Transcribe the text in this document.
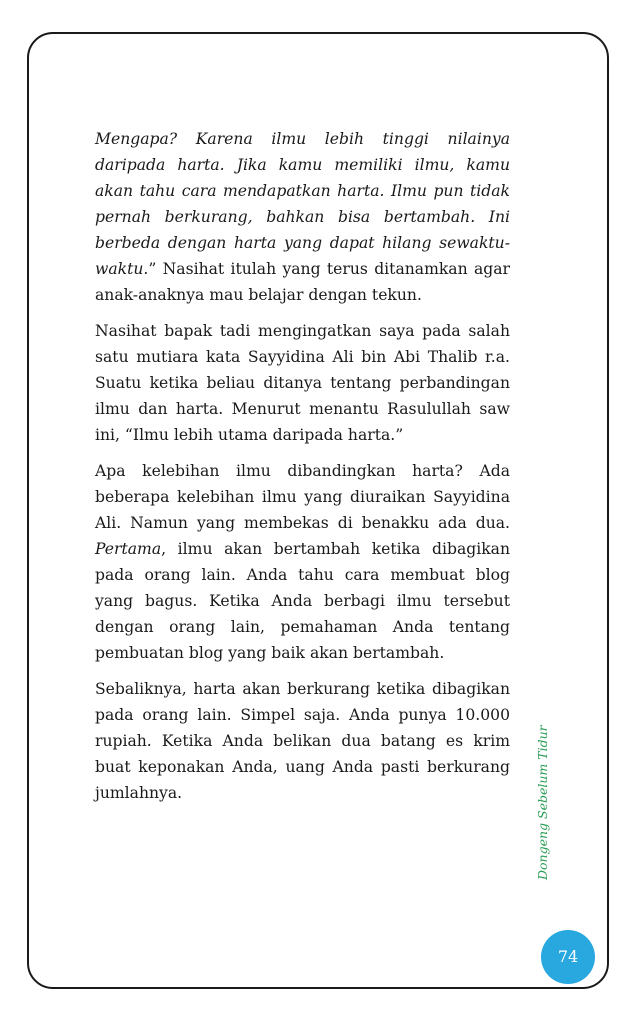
Mengapa? Karena ilmu lebih tinggi nilainya daripada harta. Jika kamu memiliki ilmu, kamu akan tahu cara mendapatkan harta. Ilmu pun tidak pernah berkurang, bahkan bisa bertambah. Ini berbeda dengan harta yang dapat hilang sewaktu-waktu.” Nasihat itulah yang terus ditanamkan agar anak-anaknya mau belajar dengan tekun.

Nasihat bapak tadi mengingatkan saya pada salah satu mutiara kata Sayyidina Ali bin Abi Thalib r.a. Suatu ketika beliau ditanya tentang perbandingan ilmu dan harta. Menurut menantu Rasulullah saw ini, “Ilmu lebih utama daripada harta.”

Apa kelebihan ilmu dibandingkan harta? Ada beberapa kelebihan ilmu yang diuraikan Sayyidina Ali. Namun yang membekas di benakku ada dua. Pertama, ilmu akan bertambah ketika dibagikan pada orang lain. Anda tahu cara membuat blog yang bagus. Ketika Anda berbagi ilmu tersebut dengan orang lain, pemahaman Anda tentang pembuatan blog yang baik akan bertambah.

Sebaliknya, harta akan berkurang ketika dibagikan pada orang lain. Simpel saja. Anda punya 10.000 rupiah. Ketika Anda belikan dua batang es krim buat keponakan Anda, uang Anda pasti berkurang jumlahnya.	Dongeng Sebelum Tidur
74
